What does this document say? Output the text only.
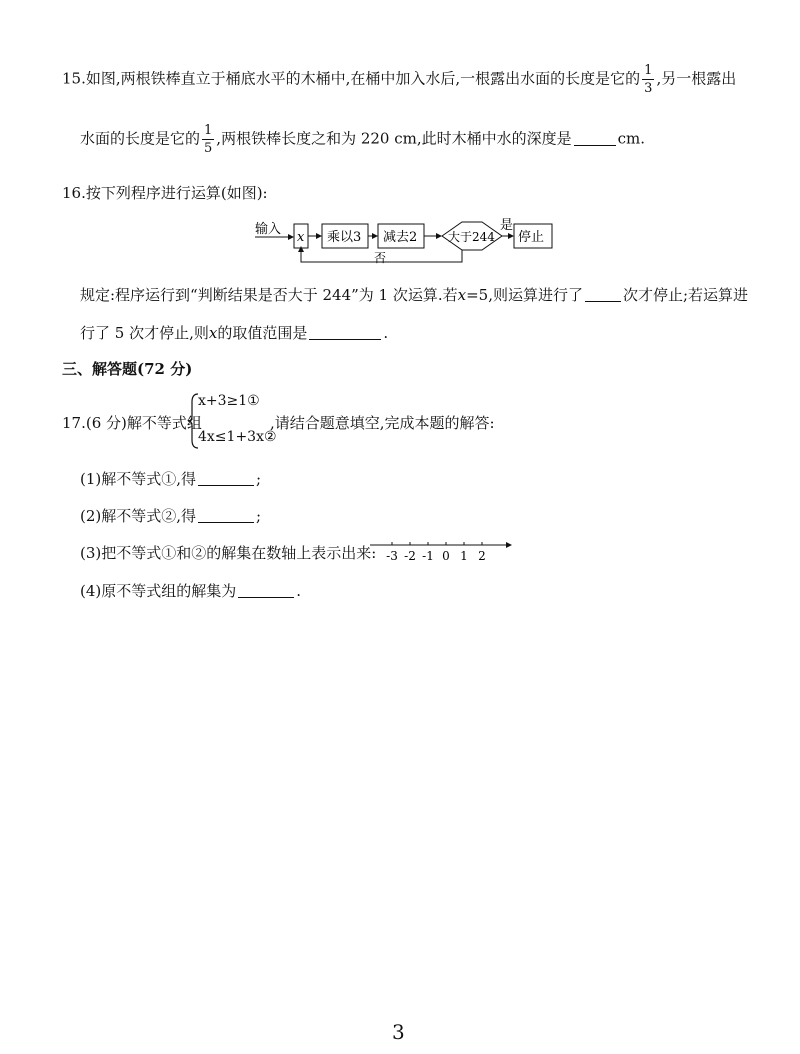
15.如图,两根铁棒直立于桶底水平的木桶中,在桶中加入水后,一根露出水面的长度是它的 $\frac{1}{3}$ ,另一根露出
水面的长度是它的 $\frac{1}{5}$ ,两根铁棒长度之和为 220 cm,此时木桶中水的深度是	cm.
16.按下列程序进行运算(如图):
输入
x 乘以3 减去2	大于244
是
停止
否
规定:程序运行到“判断结果是否大于 244”为 1 次运算.若x=5,则运算进行了	次才停止;若运算进
行了 5 次才停止,则x的取值范围是	.
三、解答题(72 分)
17.(6 分)解不等式组
x+3≥1①
4x≤1+3x②
,请结合题意填空,完成本题的解答:
(1)解不等式①,得	;
(2)解不等式②,得	;
(3)把不等式①和②的解集在数轴上表示出来: -3 -2 -1 0 1 2
(4)原不等式组的解集为	.
3
